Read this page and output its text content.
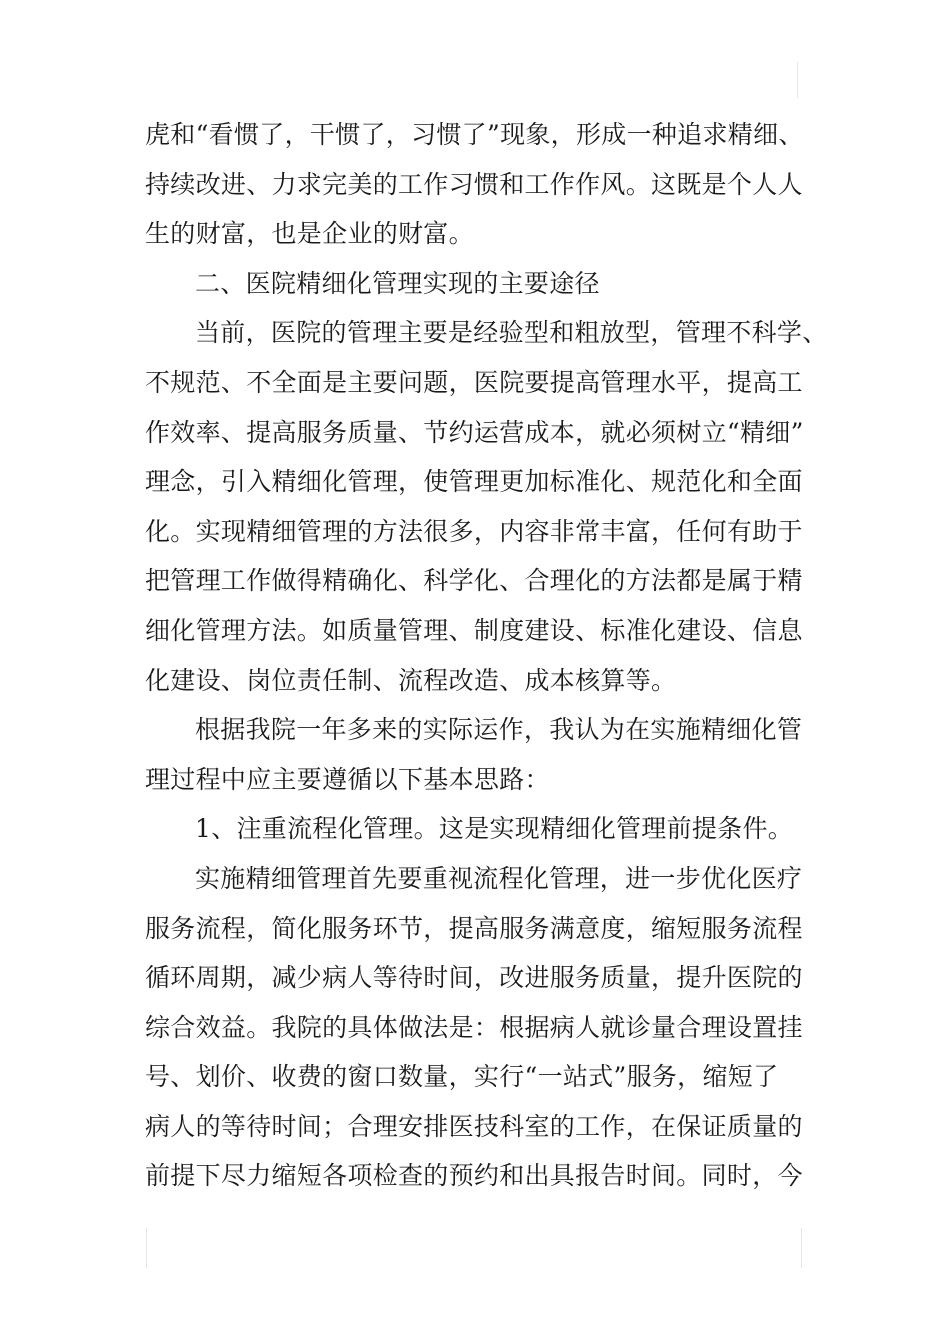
虎和“看惯了，干惯了，习惯了”现象，形成一种追求精细、
持续改进、力求完美的工作习惯和工作作风。这既是个人人
生的财富，也是企业的财富。
二、医院精细化管理实现的主要途径
当前，医院的管理主要是经验型和粗放型，管理不科学、
不规范、不全面是主要问题，医院要提高管理水平，提高工
作效率、提高服务质量、节约运营成本，就必须树立“精细”
理念，引入精细化管理，使管理更加标准化、规范化和全面
化。实现精细管理的方法很多，内容非常丰富，任何有助于
把管理工作做得精确化、科学化、合理化的方法都是属于精
细化管理方法。如质量管理、制度建设、标准化建设、信息
化建设、岗位责任制、流程改造、成本核算等。
根据我院一年多来的实际运作，我认为在实施精细化管
理过程中应主要遵循以下基本思路：
1、注重流程化管理。这是实现精细化管理前提条件。
实施精细管理首先要重视流程化管理，进一步优化医疗
服务流程，简化服务环节，提高服务满意度，缩短服务流程
循环周期，减少病人等待时间，改进服务质量，提升医院的
综合效益。我院的具体做法是：根据病人就诊量合理设置挂
号、划价、收费的窗口数量，实行“一站式”服务，缩短了
病人的等待时间；合理安排医技科室的工作，在保证质量的
前提下尽力缩短各项检查的预约和出具报告时间。同时，今
